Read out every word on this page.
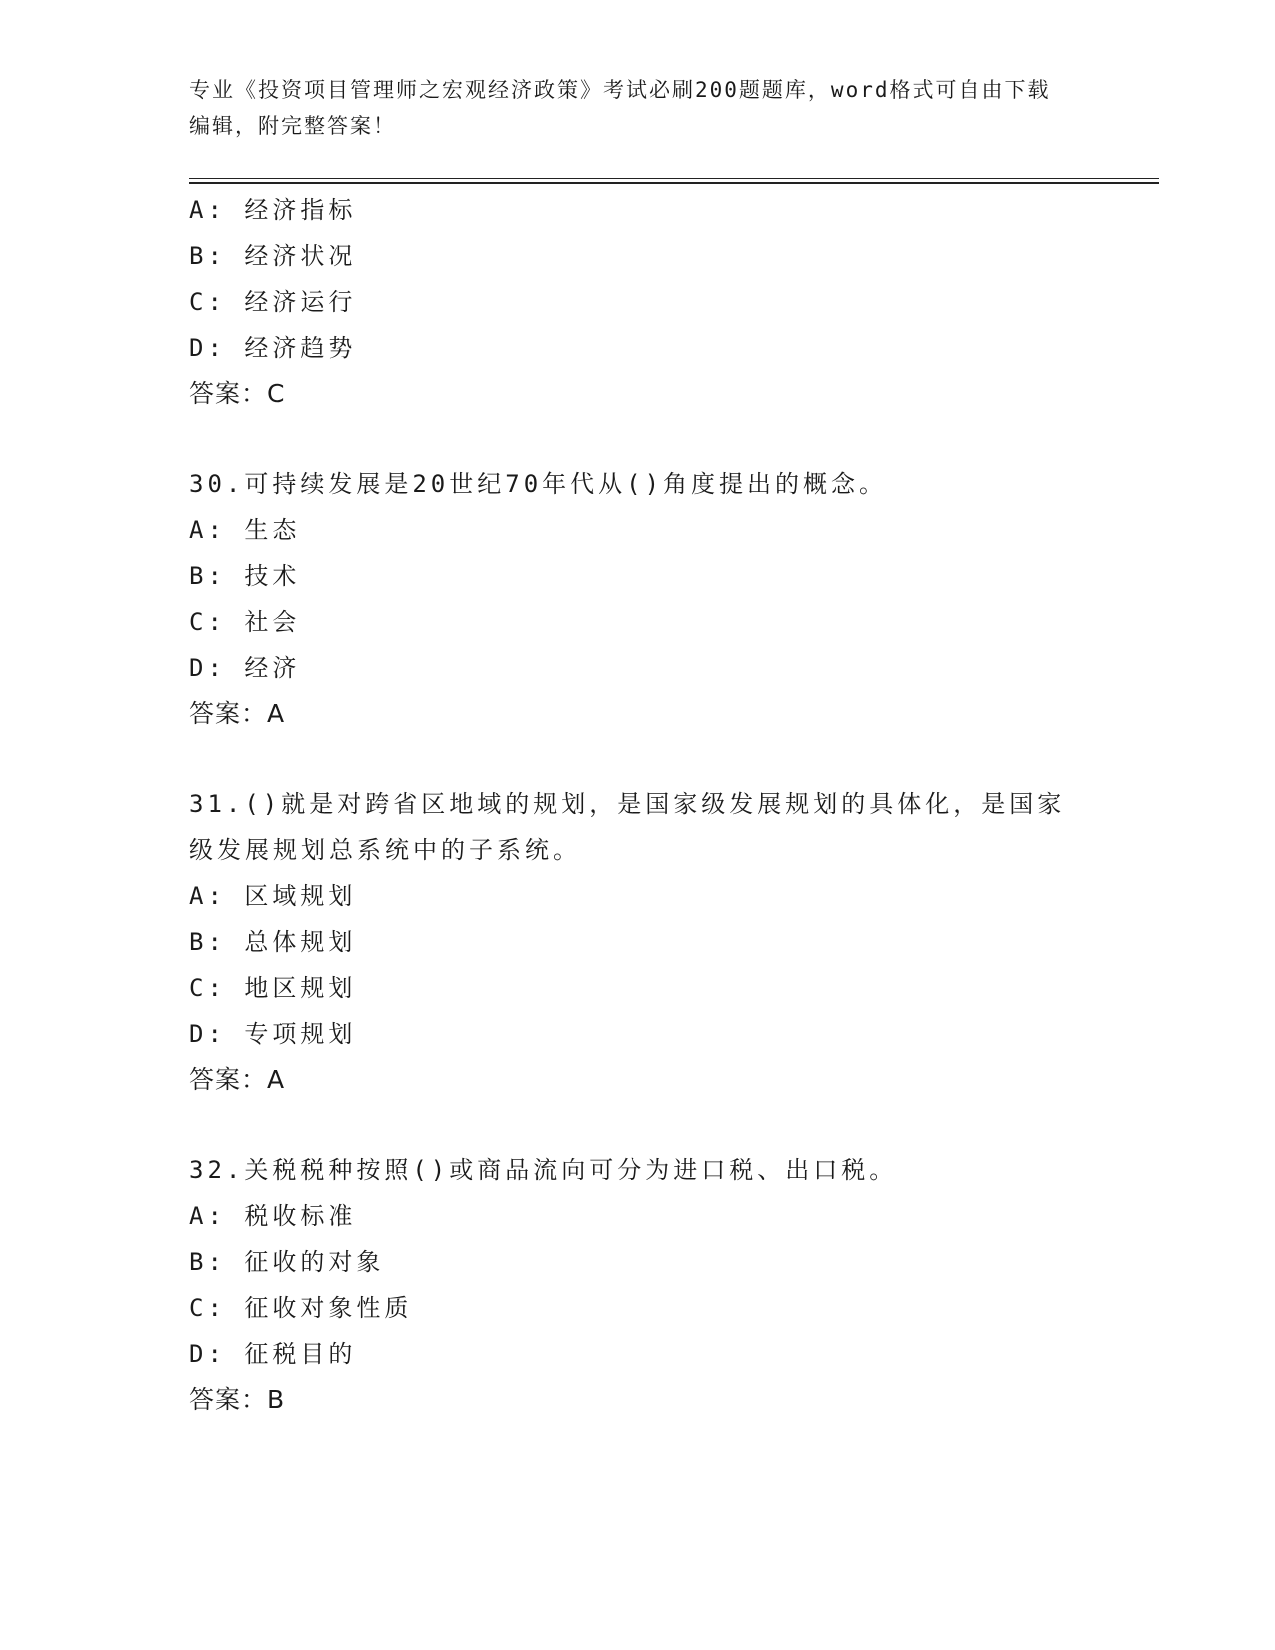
专业《投资项目管理师之宏观经济政策》考试必刷200题题库，word格式可自由下载编辑，附完整答案！
A: 经济指标
B: 经济状况
C: 经济运行
D: 经济趋势
答案：C
30.可持续发展是20世纪70年代从()角度提出的概念。
A: 生态
B: 技术
C: 社会
D: 经济
答案：A
31.()就是对跨省区地域的规划，是国家级发展规划的具体化，是国家级发展规划总系统中的子系统。
A: 区域规划
B: 总体规划
C: 地区规划
D: 专项规划
答案：A
32.关税税种按照()或商品流向可分为进口税、出口税。
A: 税收标准
B: 征收的对象
C: 征收对象性质
D: 征税目的
答案：B
